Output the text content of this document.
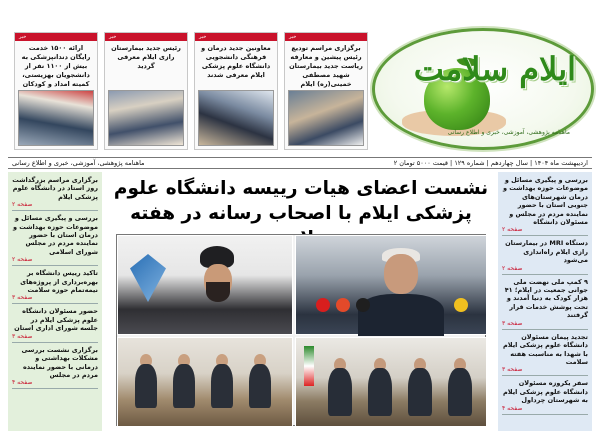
خبر
برگزاری مراسم تودیع رئیس پیشین و معارفه ریاست جدید بیمارستان شهید مصطفی خمینی(ره) ایلام
خبر
معاونین جدید درمان و فرهنگی دانشجویی دانشگاه علوم پزشکی ایلام معرفی شدند
خبر
رئیس جدید بیمارستان رازی ایلام معرفی گردید
خبر
ارائه ۱۵۰۰ خدمت رایگان دندانپزشکی به بیش از ۱۱۰۰ نفر از دانشجویان بهزیستی، کمیته امداد و کودکان	ایلام سلامت
ماهنامه پژوهشی، آموزشی، خبری و اطلاع رسانی
ماهنامه پژوهشی، آموزشی، خبری و اطلاع رسانی	۲ اردیبهشت ماه ۱۴۰۴ | سال چهاردهم | شماره ۱۲۹ | قیمت ۵۰۰۰ تومان
برگزاری مراسم بزرگداشت روز استاد در دانشگاه علوم پزشکی ایلام
صفحه ۲
بررسی و پیگیری مسائل و موضوعات حوزه بهداشت و درمان استان با حضور نماینده مردم در مجلس شورای اسلامی
صفحه ۲
تاکید رییس دانشگاه بر بهره‌برداری از پروژه‌های نیمه‌تمام حوزه سلامت
صفحه ۳
حضور مسئولان دانشگاه علوم پزشکی ایلام در جلسه شورای اداری استان
صفحه ۳
برگزاری نشست بررسی مشکلات بهداشتی و درمانی با حضور نماینده مردم در مجلس
صفحه ۴
نشست اعضای هیات رییسه دانشگاه علوم پزشکی ایلام با اصحاب رسانه در هفته
بررسی و پیگیری مسائل و موضوعات حوزه بهداشت و درمان شهرستان‌های جنوبی استان با حضور نماینده مردم در مجلس و مسئولان دانشگاه
صفحه ۲
دستگاه MRI در بیمارستان رازی ایلام راه‌اندازی می‌شود
صفحه ۲
۹ کمپ ملی نهضت ملی جوانی جمعیت در ایلام؛ ۴۱ هزار کودک به دنیا آمدند و تحت پوشش خدمات قرار گرفتند
صفحه ۳
تجدید پیمان مسئولان دانشگاه علوم پزشکی ایلام با شهدا به مناسبت هفته سلامت
صفحه ۳
سفر یکروزه مسئولان دانشگاه علوم پزشکی ایلام به شهرستان چرداول
صفحه ۴
